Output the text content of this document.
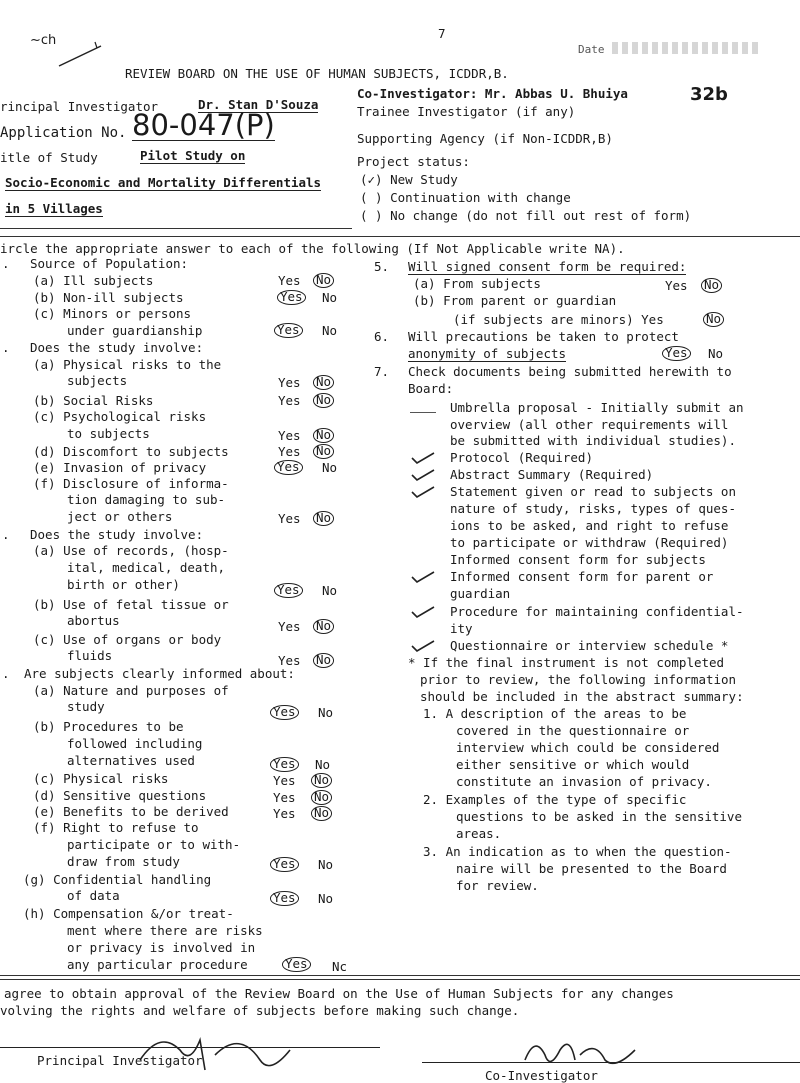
~ch	7
Date
REVIEW BOARD ON THE USE OF HUMAN SUBJECTS, ICDDR,B.
rincipal Investigator	Dr. Stan D'Souza
Application No. 80-047(P)
itle of Study	Pilot Study on
Socio-Economic and Mortality Differentials
in 5 Villages
Co-Investigator: Mr. Abbas U. Bhuiya	32b
Trainee Investigator (if any)
Supporting Agency (if Non-ICDDR,B)
Project status:
(✓) New Study
( ) Continuation with change
( ) No change (do not fill out rest of form)
ircle the appropriate answer to each of the following (If Not Applicable write NA).
. Source of Population:
(a) Ill subjects	Yes No
(b) Non-ill subjects	Yes No
(c) Minors or persons
under guardianship	Yes No
. Does the study involve:
(a) Physical risks to the
subjects	Yes No
(b) Social Risks	Yes No
(c) Psychological risks
to subjects	Yes No
(d) Discomfort to subjects	Yes No
(e) Invasion of privacy	Yes No
(f) Disclosure of informa-
tion damaging to sub-
ject or others	Yes No
. Does the study involve:
(a) Use of records, (hosp-
ital, medical, death,
birth or other)	Yes No
(b) Use of fetal tissue or
abortus	Yes No
(c) Use of organs or body
fluids	Yes No
. Are subjects clearly informed about:
(a) Nature and purposes of
study	Yes No
(b) Procedures to be
followed including
alternatives used	Yes No
(c) Physical risks	Yes No
(d) Sensitive questions	Yes No
(e) Benefits to be derived	Yes No
(f) Right to refuse to
participate or to with-
draw from study	Yes No
(g) Confidential handling
of data	Yes No
(h) Compensation &/or treat-
ment where there are risks
or privacy is involved in
any particular procedure	Yes Nc
5. Will signed consent form be required:
(a) From subjects	Yes No
(b) From parent or guardian
(if subjects are minors) Yes	No
6. Will precautions be taken to protect
anonymity of subjects	Yes No
7. Check documents being submitted herewith to
Board:
Umbrella proposal - Initially submit an
overview (all other requirements will
be submitted with individual studies).
Protocol (Required)
Abstract Summary (Required)
Statement given or read to subjects on
nature of study, risks, types of ques-
ions to be asked, and right to refuse
to participate or withdraw (Required)
Informed consent form for subjects
Informed consent form for parent or
guardian
Procedure for maintaining confidential-
ity
Questionnaire or interview schedule *
* If the final instrument is not completed
prior to review, the following information
should be included in the abstract summary:
1. A description of the areas to be
covered in the questionnaire or
interview which could be considered
either sensitive or which would
constitute an invasion of privacy.
2. Examples of the type of specific
questions to be asked in the sensitive
areas.
3. An indication as to when the question-
naire will be presented to the Board
for review.
agree to obtain approval of the Review Board on the Use of Human Subjects for any changes
volving the rights and welfare of subjects before making such change.
Principal Investigator
Co-Investigator
